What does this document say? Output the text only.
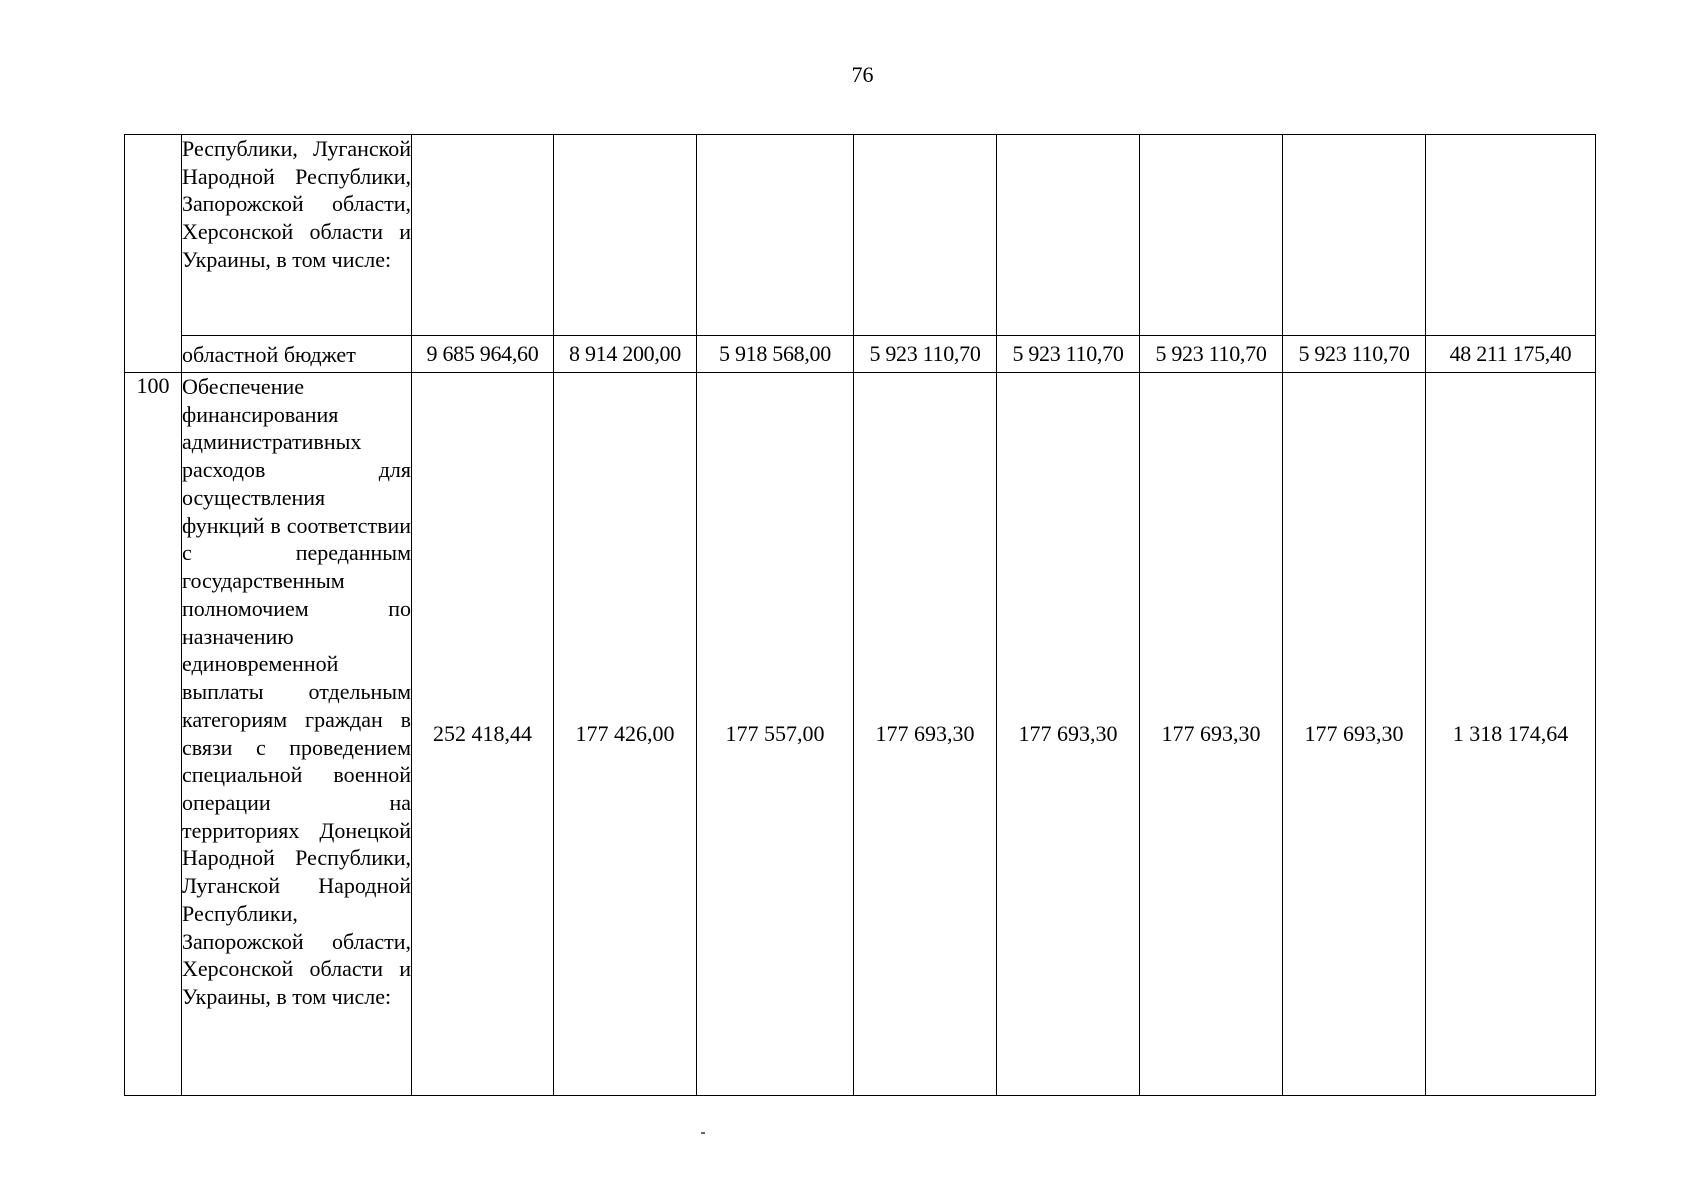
76
	Республики, Луганской Народной Республики, Запорожской области, Херсонской области и Украины, в том числе:								
	областной бюджет	9 685 964,60	8 914 200,00	5 918 568,00	5 923 110,70	5 923 110,70	5 923 110,70	5 923 110,70	48 211 175,40
100	Обеспечение финансирования административных расходов для осуществления функций в соответствии с переданным государственным полномочием по назначению единовременной выплаты отдельным категориям граждан в связи с проведением специальной военной операции на территориях Донецкой Народной Республики, Луганской Народной Республики, Запорожской области, Херсонской области и Украины, в том числе:	252 418,44	177 426,00	177 557,00	177 693,30	177 693,30	177 693,30	177 693,30	1 318 174,64
